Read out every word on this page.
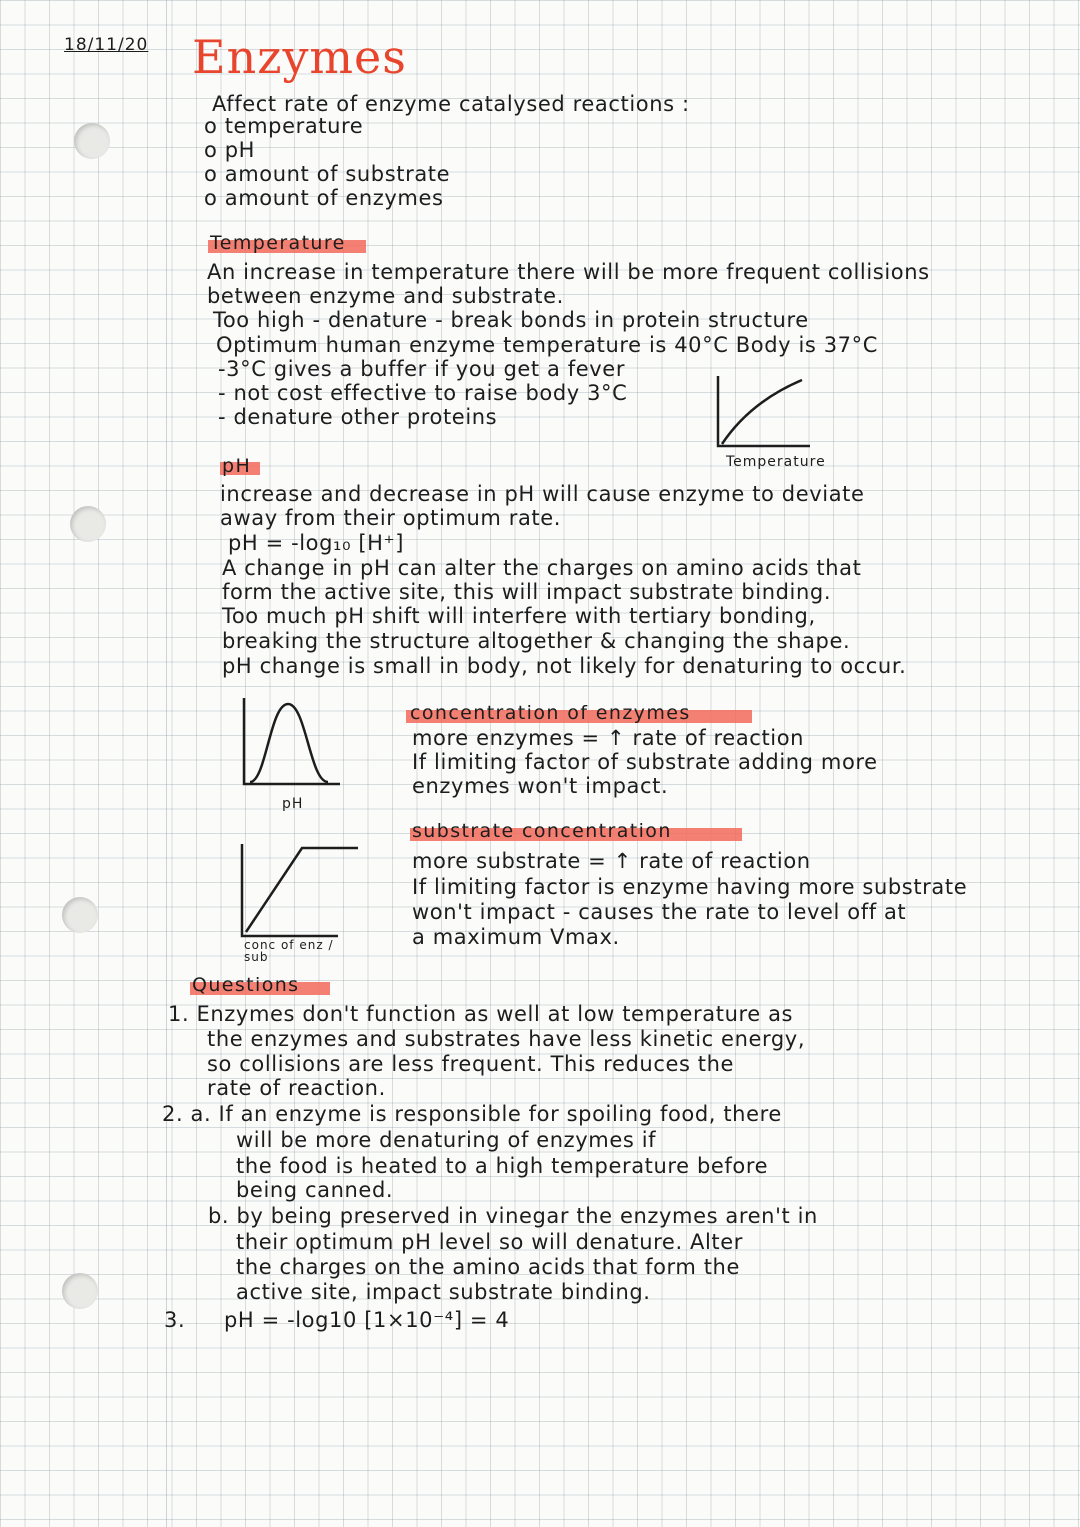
18/11/20 Enzymes
Affect rate of enzyme catalysed reactions :
o temperature
o pH
o amount of substrate
o amount of enzymes
Temperature
An increase in temperature there will be more frequent collisions
between enzyme and substrate.
Too high - denature - break bonds in protein structure
Optimum human enzyme temperature is 40°C Body is 37°C
-3°C gives a buffer if you get a fever
- not cost effective to raise body 3°C
- denature other proteins
Temperature
pH
increase and decrease in pH will cause enzyme to deviate
away from their optimum rate.
pH = -log₁₀ [H⁺]
A change in pH can alter the charges on amino acids that
form the active site, this will impact substrate binding.
Too much pH shift will interfere with tertiary bonding,
breaking the structure altogether & changing the shape.
pH change is small in body, not likely for denaturing to occur.
pH
concentration of enzymes
more enzymes = ↑ rate of reaction
If limiting factor of substrate adding more
enzymes won't impact.
substrate concentration
more substrate = ↑ rate of reaction
If limiting factor is enzyme having more substrate
won't impact - causes the rate to level off at
a maximum Vmax.
conc of enz /
sub
Questions
1. Enzymes don't function as well at low temperature as
the enzymes and substrates have less kinetic energy,
so collisions are less frequent. This reduces the
rate of reaction.
2. a. If an enzyme is responsible for spoiling food, there
will be more denaturing of enzymes if
the food is heated to a high temperature before
being canned.
b. by being preserved in vinegar the enzymes aren't in
their optimum pH level so will denature. Alter
the charges on the amino acids that form the
active site, impact substrate binding.
3. pH = -log10 [1×10⁻⁴] = 4
